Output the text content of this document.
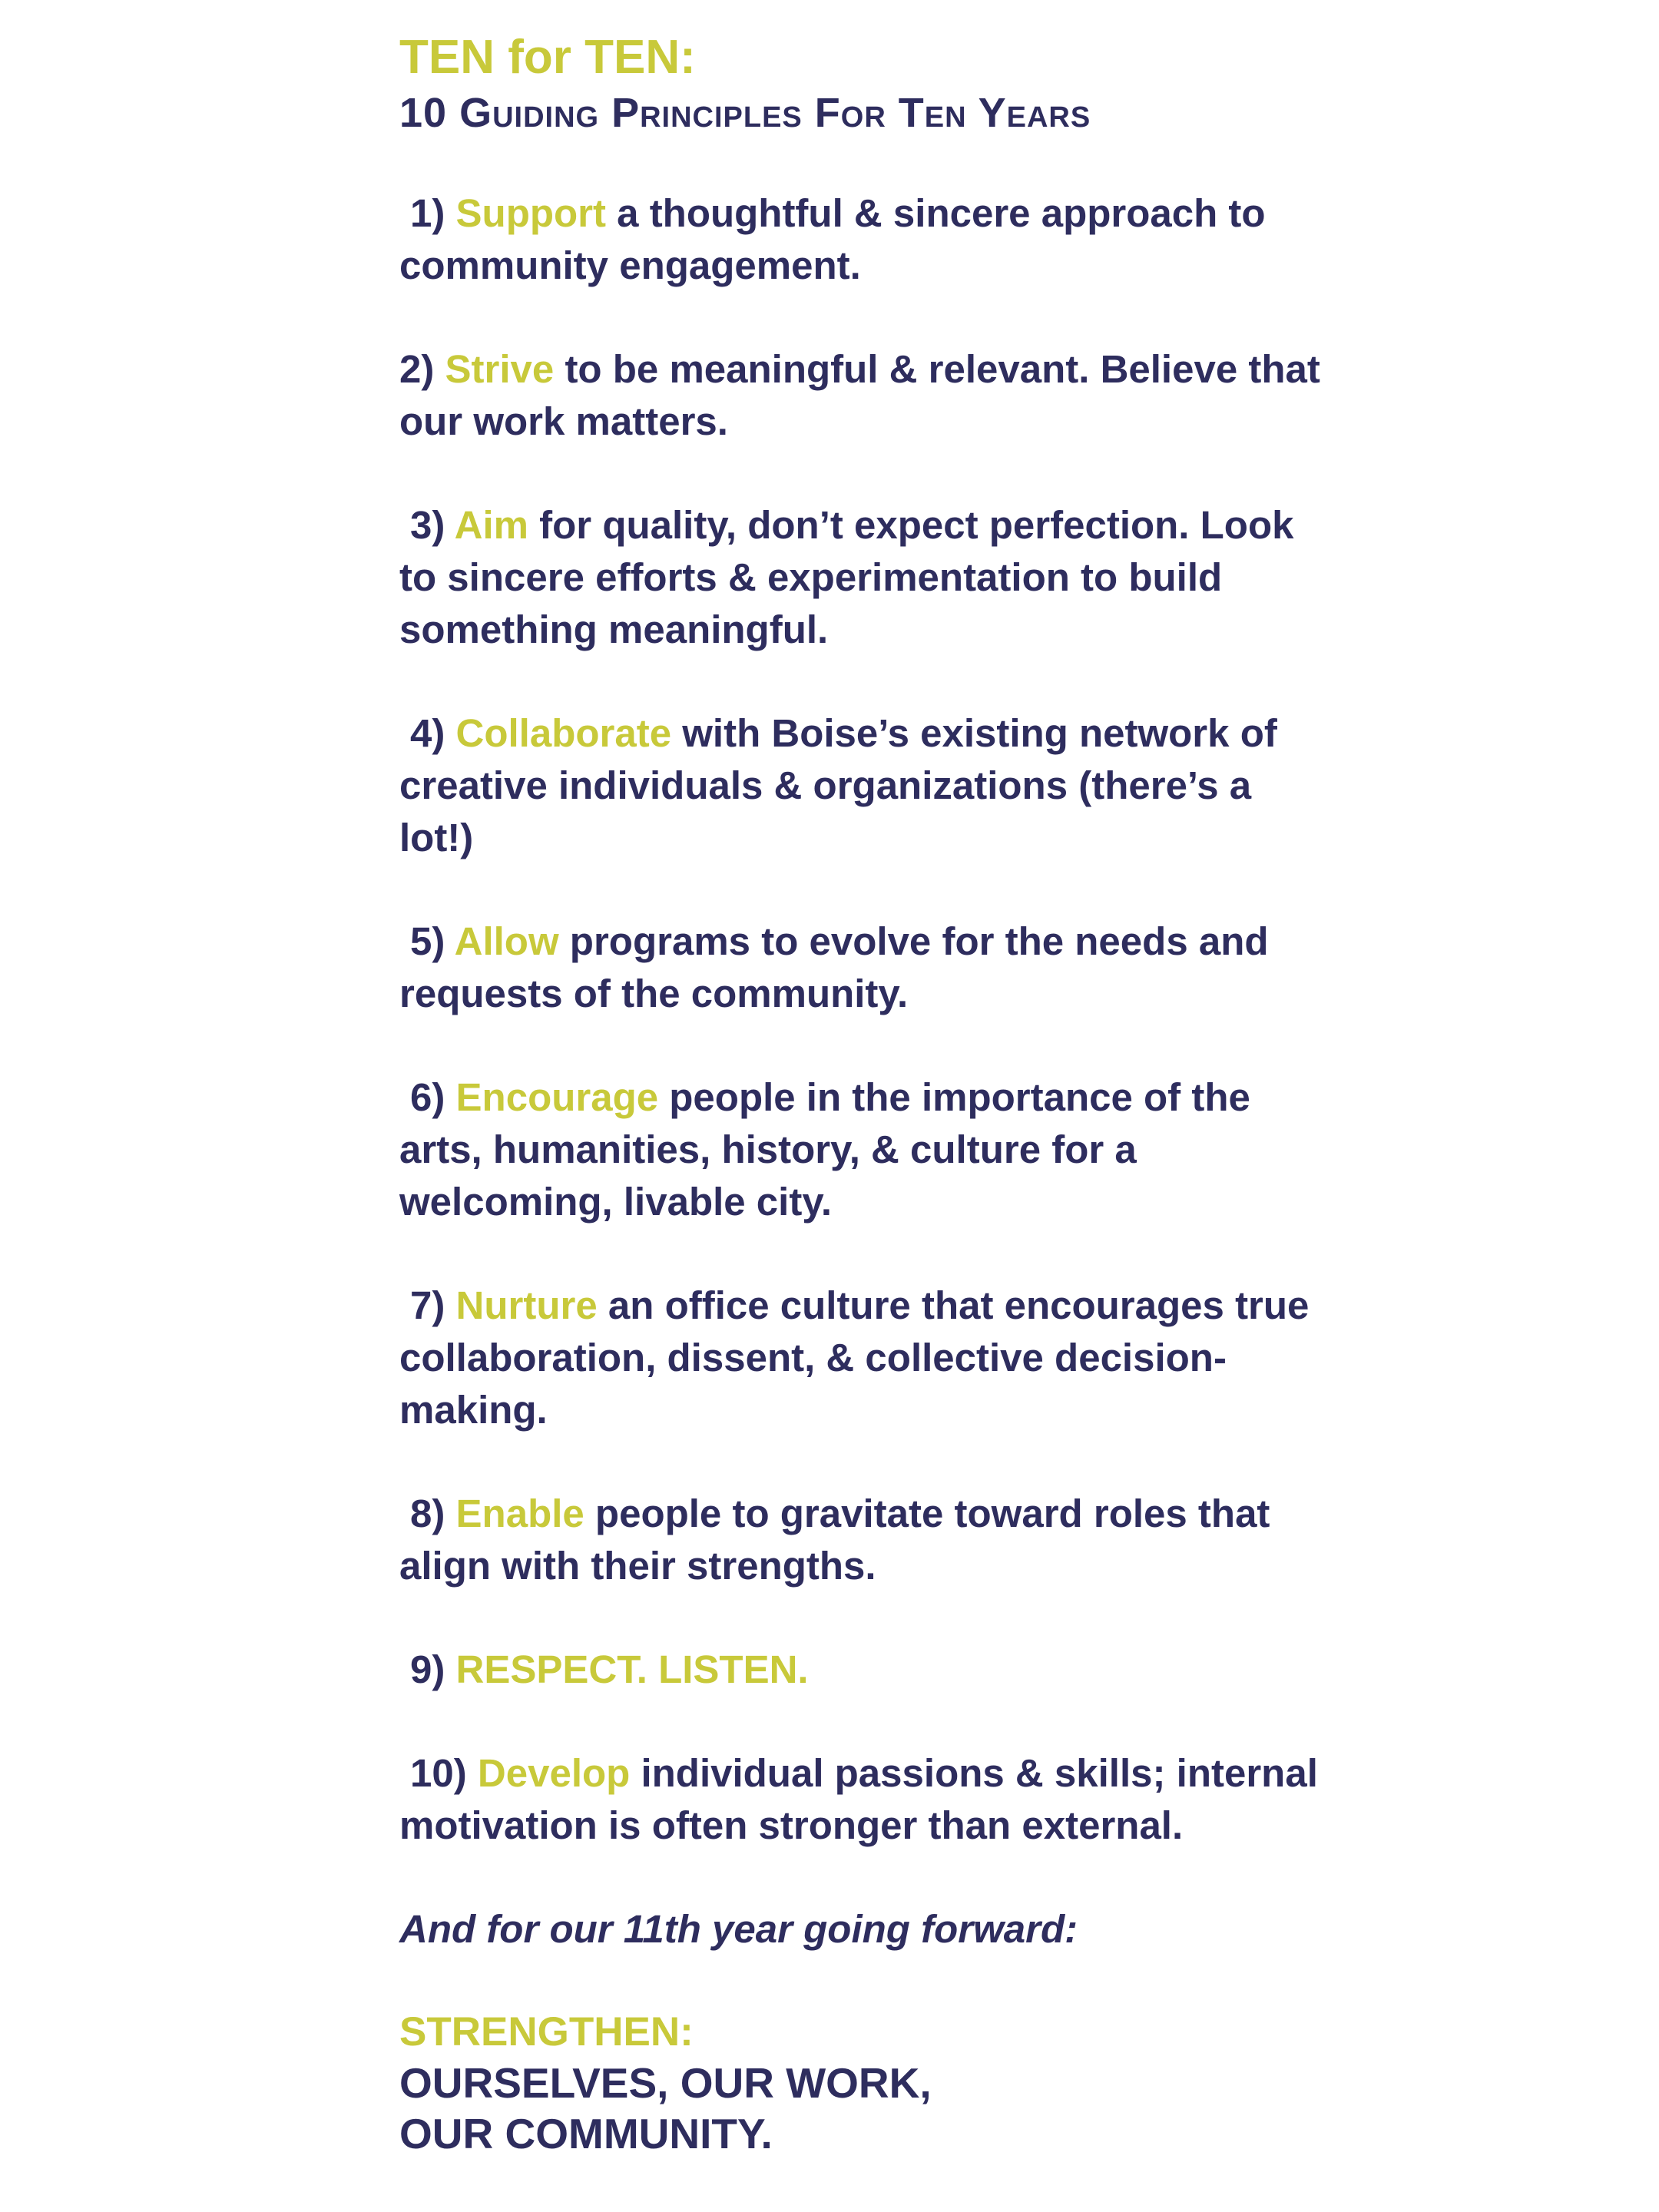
TEN for TEN:

10 Guiding Principles For Ten Years

1) Support a thoughtful & sincere approach to community engagement.
2) Strive to be meaningful & relevant. Believe that our work matters.
3) Aim for quality, don’t expect perfection. Look to sincere efforts & experimentation to build something meaningful.
4) Collaborate with Boise’s existing network of creative individuals & organizations (there’s a lot!)
5) Allow programs to evolve for the needs and requests of the community.
6) Encourage people in the importance of the arts, humanities, history, & culture for a welcoming, livable city.
7) Nurture an office culture that encourages true collaboration, dissent, & collective decision-making.
8) Enable people to gravitate toward roles that align with their strengths.
9) RESPECT. LISTEN.
10) Develop individual passions & skills; internal motivation is often stronger than external.
And for our 11th year going forward:

STRENGTHEN:

OURSELVES, OUR WORK,

OUR COMMUNITY.
